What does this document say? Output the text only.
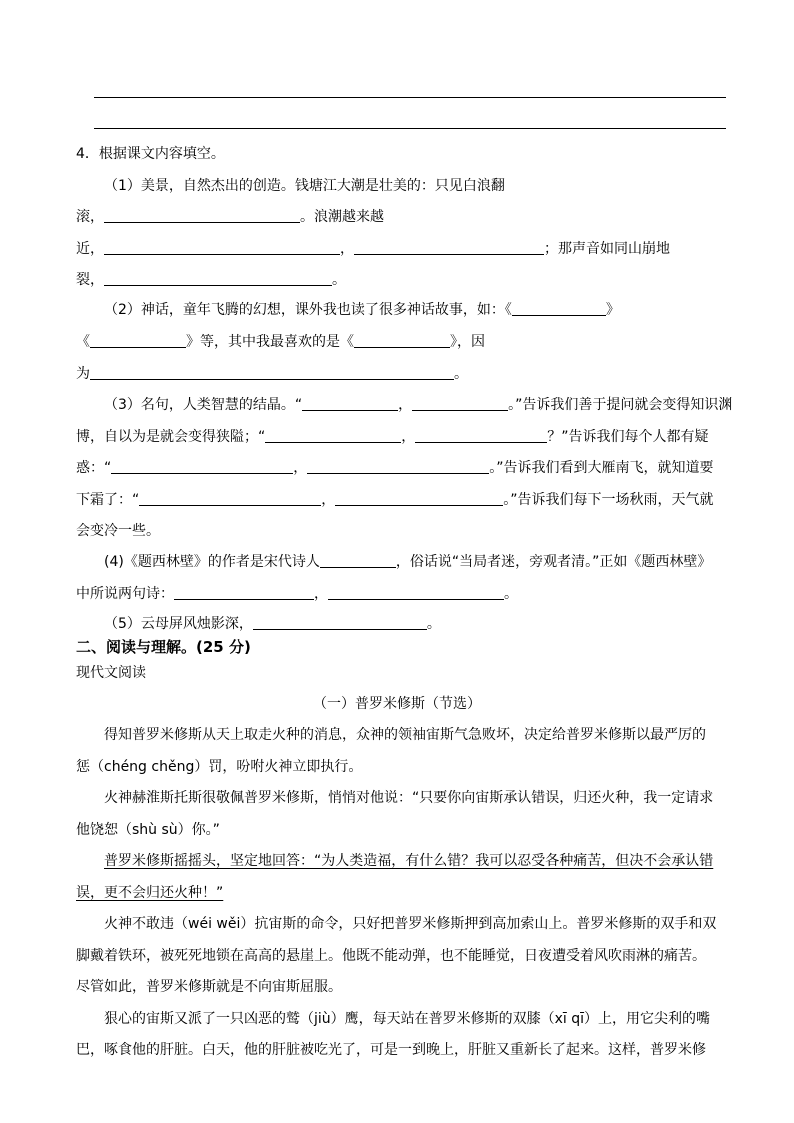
4．根据课文内容填空。
（1）美景，自然杰出的创造。钱塘江大潮是壮美的：只见白浪翻
滚，	。浪潮越来越
近，	，	；那声音如同山崩地
裂，	。
（2）神话，童年飞腾的幻想，课外我也读了很多神话故事，如：《	》
《	》等，其中我最喜欢的是《	》，因
为	。
（3）名句，人类智慧的结晶。“	，	。”告诉我们善于提问就会变得知识渊
博，自以为是就会变得狭隘；“	，	？”告诉我们每个人都有疑
惑：“	，	。”告诉我们看到大雁南飞，就知道要
下霜了：“	，	。”告诉我们每下一场秋雨，天气就
会变冷一些。
(4)《题西林壁》的作者是宋代诗人	，俗话说“当局者迷，旁观者清。”正如《题西林壁》
中所说两句诗：	，	。
（5）云母屏风烛影深，	。
二、阅读与理解。(25 分)
现代文阅读
（一）普罗米修斯（节选）
得知普罗米修斯从天上取走火种的消息，众神的领袖宙斯气急败坏，决定给普罗米修斯以最严厉的
惩（chéng chěng）罚，吩咐火神立即执行。
火神赫淮斯托斯很敬佩普罗米修斯，悄悄对他说：“只要你向宙斯承认错误，归还火种，我一定请求
他饶恕（shù sù）你。”
普罗米修斯摇摇头，坚定地回答：“为人类造福，有什么错？我可以忍受各种痛苦，但决不会承认错
误，更不会归还火种！”
火神不敢违（wéi wěi）抗宙斯的命令，只好把普罗米修斯押到高加索山上。普罗米修斯的双手和双
脚戴着铁环，被死死地锁在高高的悬崖上。他既不能动弹，也不能睡觉，日夜遭受着风吹雨淋的痛苦。
尽管如此，普罗米修斯就是不向宙斯屈服。
狠心的宙斯又派了一只凶恶的鹫（jiù）鹰，每天站在普罗米修斯的双膝（xī qī）上，用它尖利的嘴
巴，啄食他的肝脏。白天，他的肝脏被吃光了，可是一到晚上，肝脏又重新长了起来。这样，普罗米修
